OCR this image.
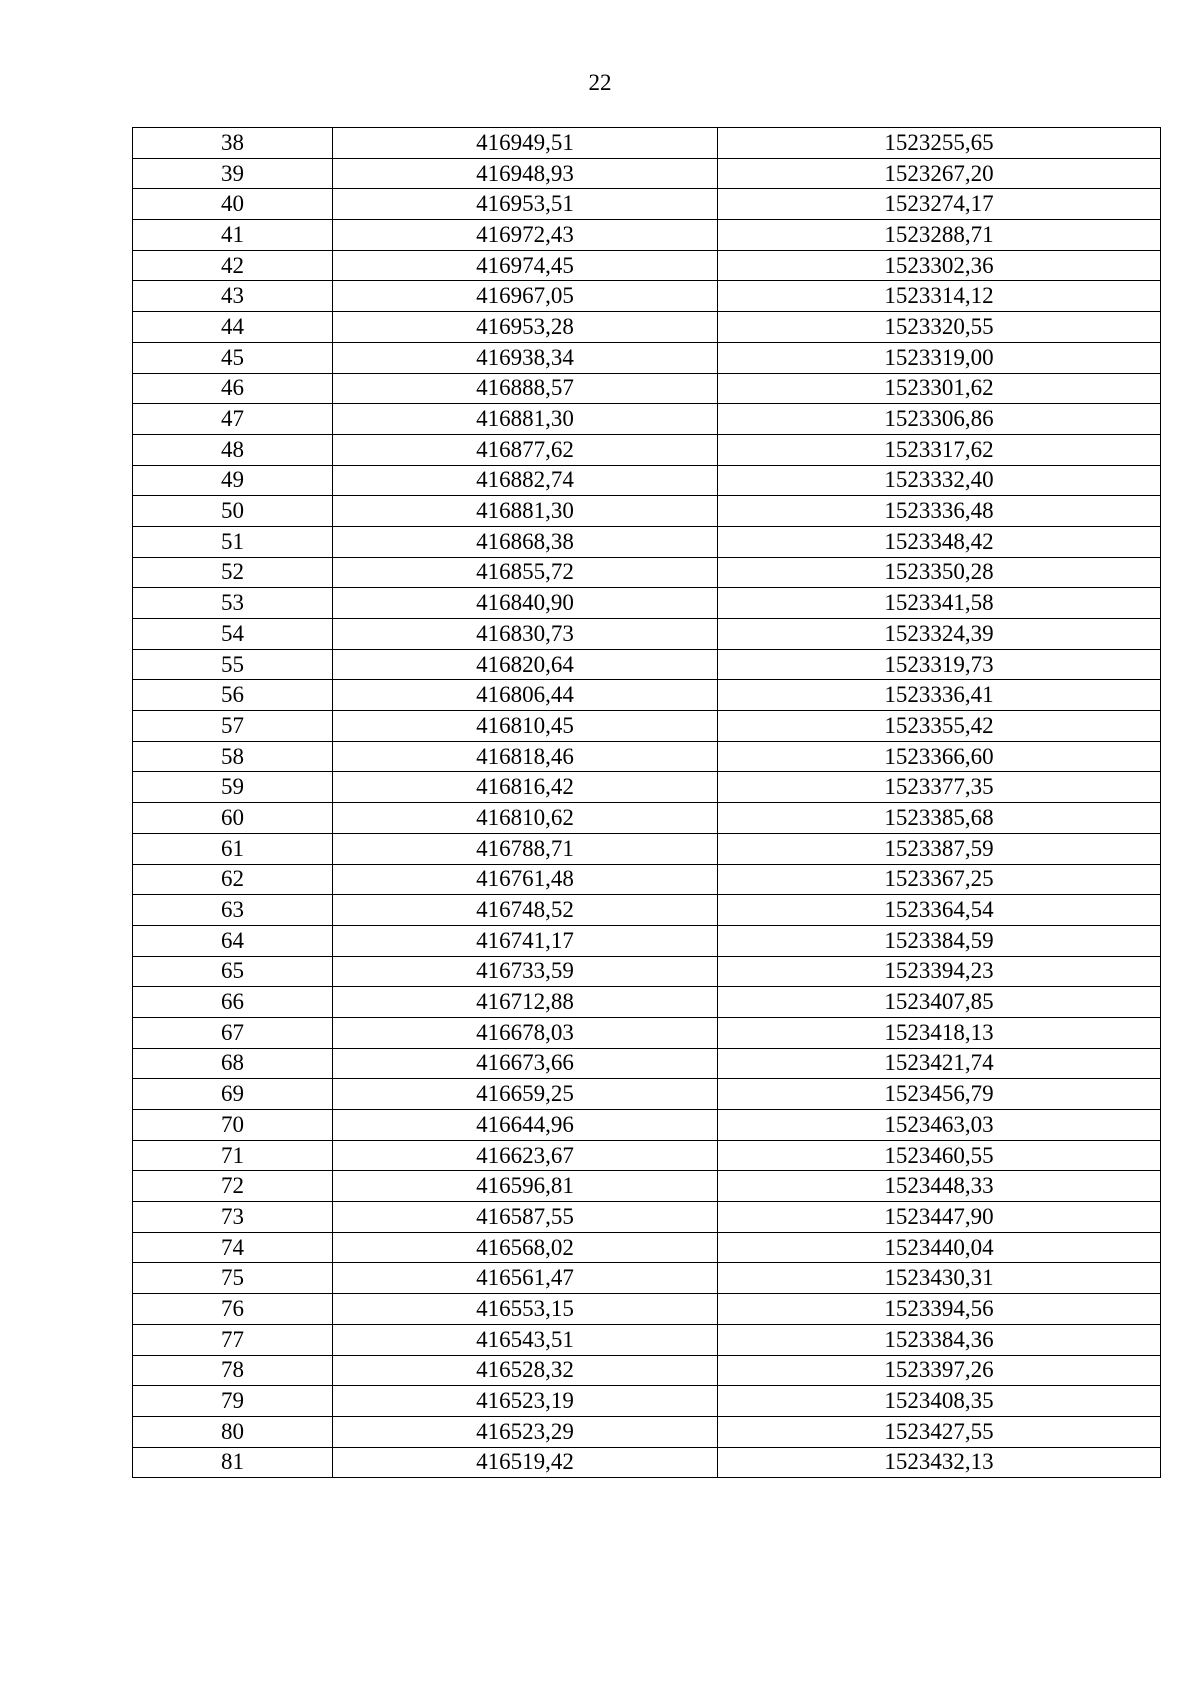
22
38	416949,51	1523255,65
39	416948,93	1523267,20
40	416953,51	1523274,17
41	416972,43	1523288,71
42	416974,45	1523302,36
43	416967,05	1523314,12
44	416953,28	1523320,55
45	416938,34	1523319,00
46	416888,57	1523301,62
47	416881,30	1523306,86
48	416877,62	1523317,62
49	416882,74	1523332,40
50	416881,30	1523336,48
51	416868,38	1523348,42
52	416855,72	1523350,28
53	416840,90	1523341,58
54	416830,73	1523324,39
55	416820,64	1523319,73
56	416806,44	1523336,41
57	416810,45	1523355,42
58	416818,46	1523366,60
59	416816,42	1523377,35
60	416810,62	1523385,68
61	416788,71	1523387,59
62	416761,48	1523367,25
63	416748,52	1523364,54
64	416741,17	1523384,59
65	416733,59	1523394,23
66	416712,88	1523407,85
67	416678,03	1523418,13
68	416673,66	1523421,74
69	416659,25	1523456,79
70	416644,96	1523463,03
71	416623,67	1523460,55
72	416596,81	1523448,33
73	416587,55	1523447,90
74	416568,02	1523440,04
75	416561,47	1523430,31
76	416553,15	1523394,56
77	416543,51	1523384,36
78	416528,32	1523397,26
79	416523,19	1523408,35
80	416523,29	1523427,55
81	416519,42	1523432,13
